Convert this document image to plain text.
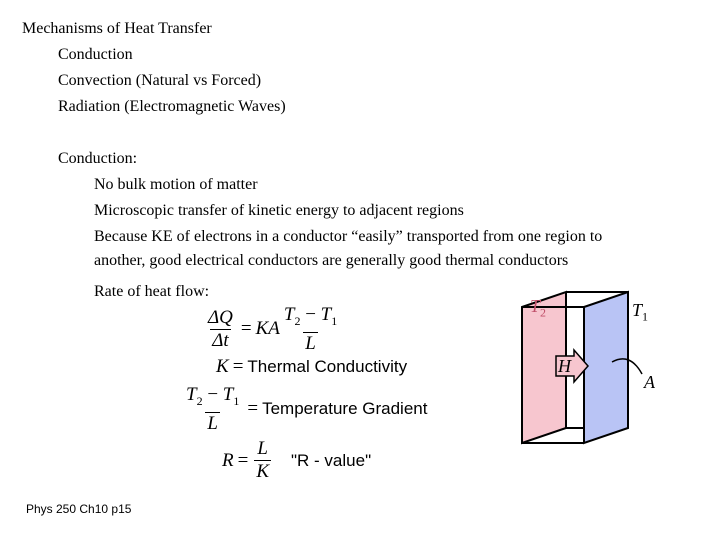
Mechanisms of Heat Transfer
Conduction
Convection (Natural vs Forced)
Radiation (Electromagnetic Waves)
Conduction:
No bulk motion of matter
Microscopic transfer of kinetic energy to adjacent regions
Because KE of electrons in a conductor “easily” transported from one region to
another, good electrical conductors are generally good thermal conductors
Rate of heat flow:
$\frac{\Delta Q}{\Delta t}$ = KA $\frac{T_2 - T_1}{L}$
K = Thermal Conductivity
$\frac{T_2 - T_1}{L}$ = Temperature Gradient
$R = \frac{L}{K}$ "R - value"
$T_2$	$T_1$
H
A
Phys 250 Ch10 p15
